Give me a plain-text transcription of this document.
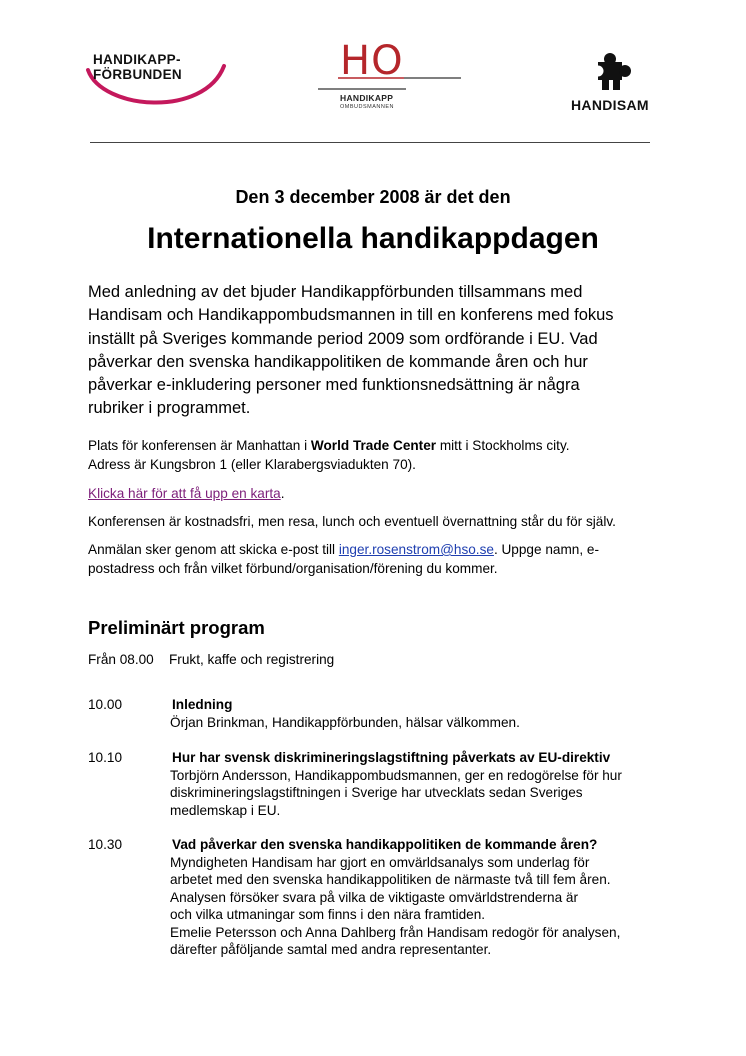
HANDIKAPP-
FÖRBUNDEN	HO
HANDIKAPP
OMBUDSMANNEN	HANDISAM
Den 3 december 2008 är det den
Internationella handikappdagen
Med anledning av det bjuder Handikappförbunden tillsammans med
Handisam och Handikappombudsmannen in till en konferens med fokus
inställt på Sveriges kommande period 2009 som ordförande i EU. Vad
påverkar den svenska handikappolitiken de kommande åren och hur
påverkar e-inkludering personer med funktionsnedsättning är några
rubriker i programmet.
Plats för konferensen är Manhattan i World Trade Center mitt i Stockholms city.
Adress är Kungsbron 1 (eller Klarabergsviadukten 70).
Klicka här för att få upp en karta.
Konferensen är kostnadsfri, men resa, lunch och eventuell övernattning står du för själv.
Anmälan sker genom att skicka e-post till inger.rosenstrom@hso.se. Uppge namn, e-
postadress och från vilket förbund/organisation/förening du kommer.
Preliminärt program
Från 08.00 Frukt, kaffe och registrering
10.00	Inledning
Örjan Brinkman, Handikappförbunden, hälsar välkommen.
10.10	Hur har svensk diskrimineringslagstiftning påverkats av EU-direktiv
Torbjörn Andersson, Handikappombudsmannen, ger en redogörelse för hur
diskrimineringslagstiftningen i Sverige har utvecklats sedan Sveriges
medlemskap i EU.
10.30	Vad påverkar den svenska handikappolitiken de kommande åren?
Myndigheten Handisam har gjort en omvärldsanalys som underlag för
arbetet med den svenska handikappolitiken de närmaste två till fem åren.
Analysen försöker svara på vilka de viktigaste omvärldstrenderna är
och vilka utmaningar som finns i den nära framtiden.
Emelie Petersson och Anna Dahlberg från Handisam redogör för analysen,
därefter påföljande samtal med andra representanter.
